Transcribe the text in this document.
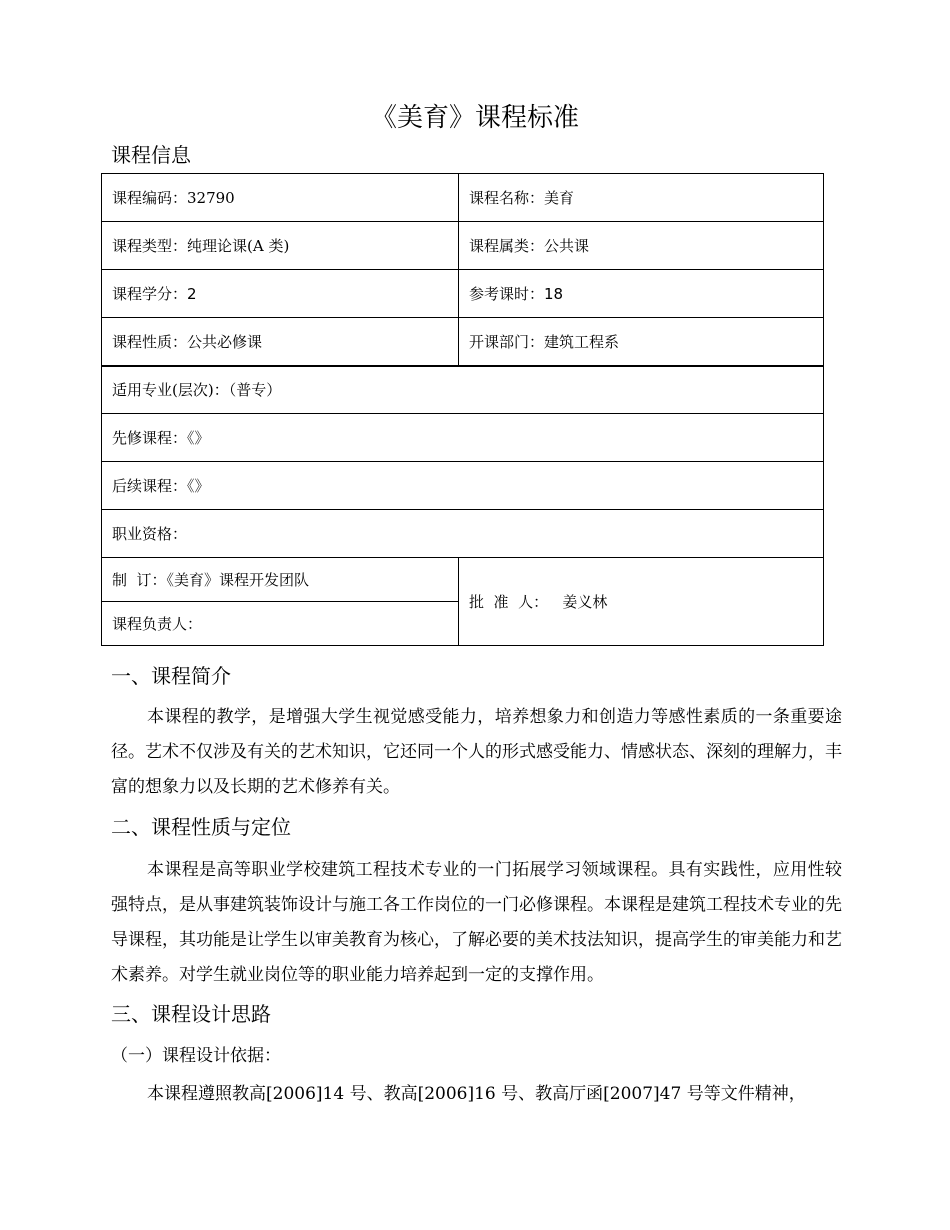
《美育》课程标准
课程信息
课程编码：32790	课程名称：美育
课程类型：纯理论课(A 类)	课程属类：公共课
课程学分：2	参考课时：18
课程性质：公共必修课	开课部门：建筑工程系
适用专业(层次)：（普专）	
先修课程：《》	
后续课程：《》	
职业资格：	
制  订：《美育》课程开发团队	批  准  人：   姜义林
课程负责人：	
一、课程简介
本课程的教学，是增强大学生视觉感受能力，培养想象力和创造力等感性素质的一条重要途径。艺术不仅涉及有关的艺术知识，它还同一个人的形式感受能力、情感状态、深刻的理解力，丰富的想象力以及长期的艺术修养有关。
二、课程性质与定位
本课程是高等职业学校建筑工程技术专业的一门拓展学习领域课程。具有实践性，应用性较强特点，是从事建筑装饰设计与施工各工作岗位的一门必修课程。本课程是建筑工程技术专业的先导课程，其功能是让学生以审美教育为核心，了解必要的美术技法知识，提高学生的审美能力和艺术素养。对学生就业岗位等的职业能力培养起到一定的支撑作用。
三、课程设计思路
（一）课程设计依据：
本课程遵照教高[2006]14 号、教高[2006]16 号、教高厅函[2007]47 号等文件精神，
